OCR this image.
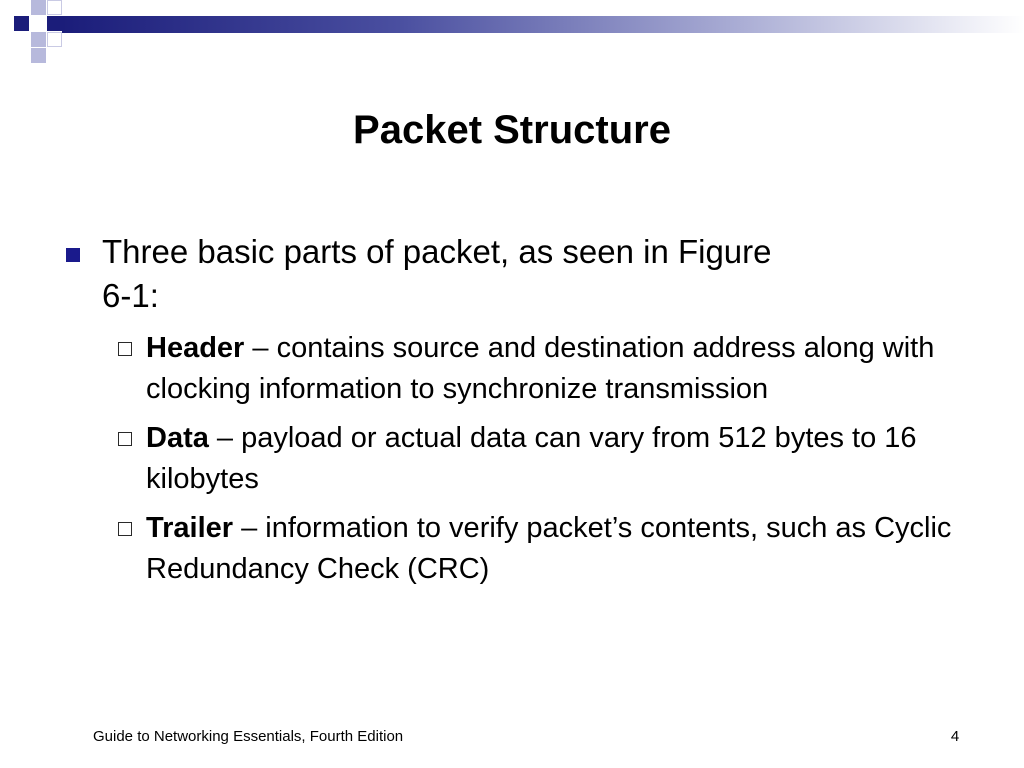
Packet Structure
Three basic parts of packet, as seen in Figure 6-1:
Header – contains source and destination address along with clocking information to synchronize transmission
Data – payload or actual data can vary from 512 bytes to 16 kilobytes
Trailer – information to verify packet’s contents, such as Cyclic Redundancy Check (CRC)
Guide to Networking Essentials, Fourth Edition	4
